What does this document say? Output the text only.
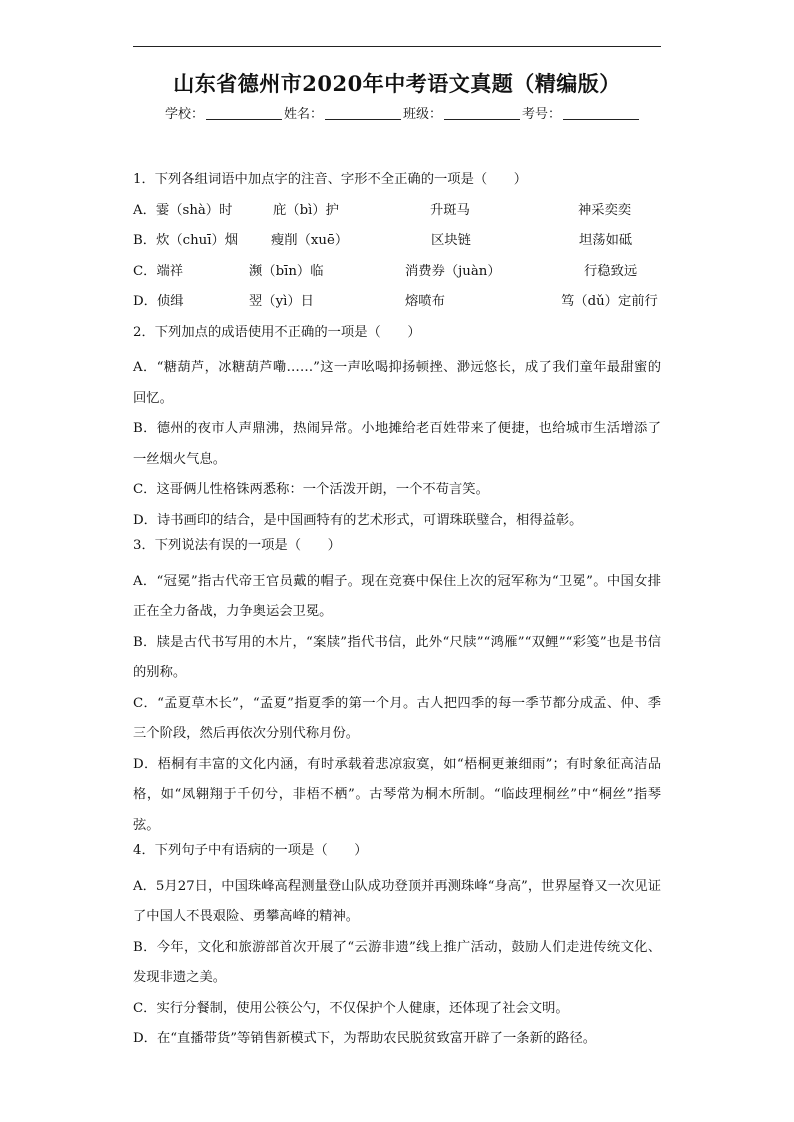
山东省德州市2020年中考语文真题（精编版）
学校：	姓名：	班级：	考号：
1．下列各组词语中加点字的注音、字形不全正确的一项是（　　）
A．霎（shà）时	庇（bì）护	升斑马	神采奕奕
B．炊（chuī）烟 瘦削（xuē）	区块链	坦荡如砥
C．端祥	濒（bīn）临	消费券（juàn）	行稳致远
D．侦缉	翌（yì）日	熔喷布	笃（dǔ）定前行
2．下列加点的成语使用不正确的一项是（　　）

A．“糖葫芦，冰糖葫芦嘞……”这一声吆喝抑扬顿挫、渺远悠长，成了我们童年最甜蜜的回忆。

B．德州的夜市人声鼎沸，热闹异常。小地摊给老百姓带来了便捷，也给城市生活增添了一丝烟火气息。

C．这哥俩儿性格铢两悉称：一个活泼开朗，一个不苟言笑。

D．诗书画印的结合，是中国画特有的艺术形式，可谓珠联璧合，相得益彰。

3．下列说法有误的一项是（　　）

A．“冠冕”指古代帝王官员戴的帽子。现在竞赛中保住上次的冠军称为“卫冕”。中国女排正在全力备战，力争奥运会卫冕。

B．牍是古代书写用的木片，“案牍”指代书信，此外“尺牍”“鸿雁”“双鲤”“彩笺”也是书信的别称。

C．“孟夏草木长”，“孟夏”指夏季的第一个月。古人把四季的每一季节都分成孟、仲、季三个阶段，然后再依次分别代称月份。

D．梧桐有丰富的文化内涵，有时承载着悲凉寂寞，如“梧桐更兼细雨”；有时象征高洁品格，如“凤翱翔于千仞兮，非梧不栖”。古琴常为桐木所制。“临歧理桐丝”中“桐丝”指琴弦。

4．下列句子中有语病的一项是（　　）

A．5月27日，中国珠峰高程测量登山队成功登顶并再测珠峰“身高”，世界屋脊又一次见证了中国人不畏艰险、勇攀高峰的精神。

B．今年，文化和旅游部首次开展了“云游非遗”线上推广活动，鼓励人们走进传统文化、发现非遗之美。

C．实行分餐制，使用公筷公勺，不仅保护个人健康，还体现了社会文明。

D．在“直播带货”等销售新模式下，为帮助农民脱贫致富开辟了一条新的路径。
